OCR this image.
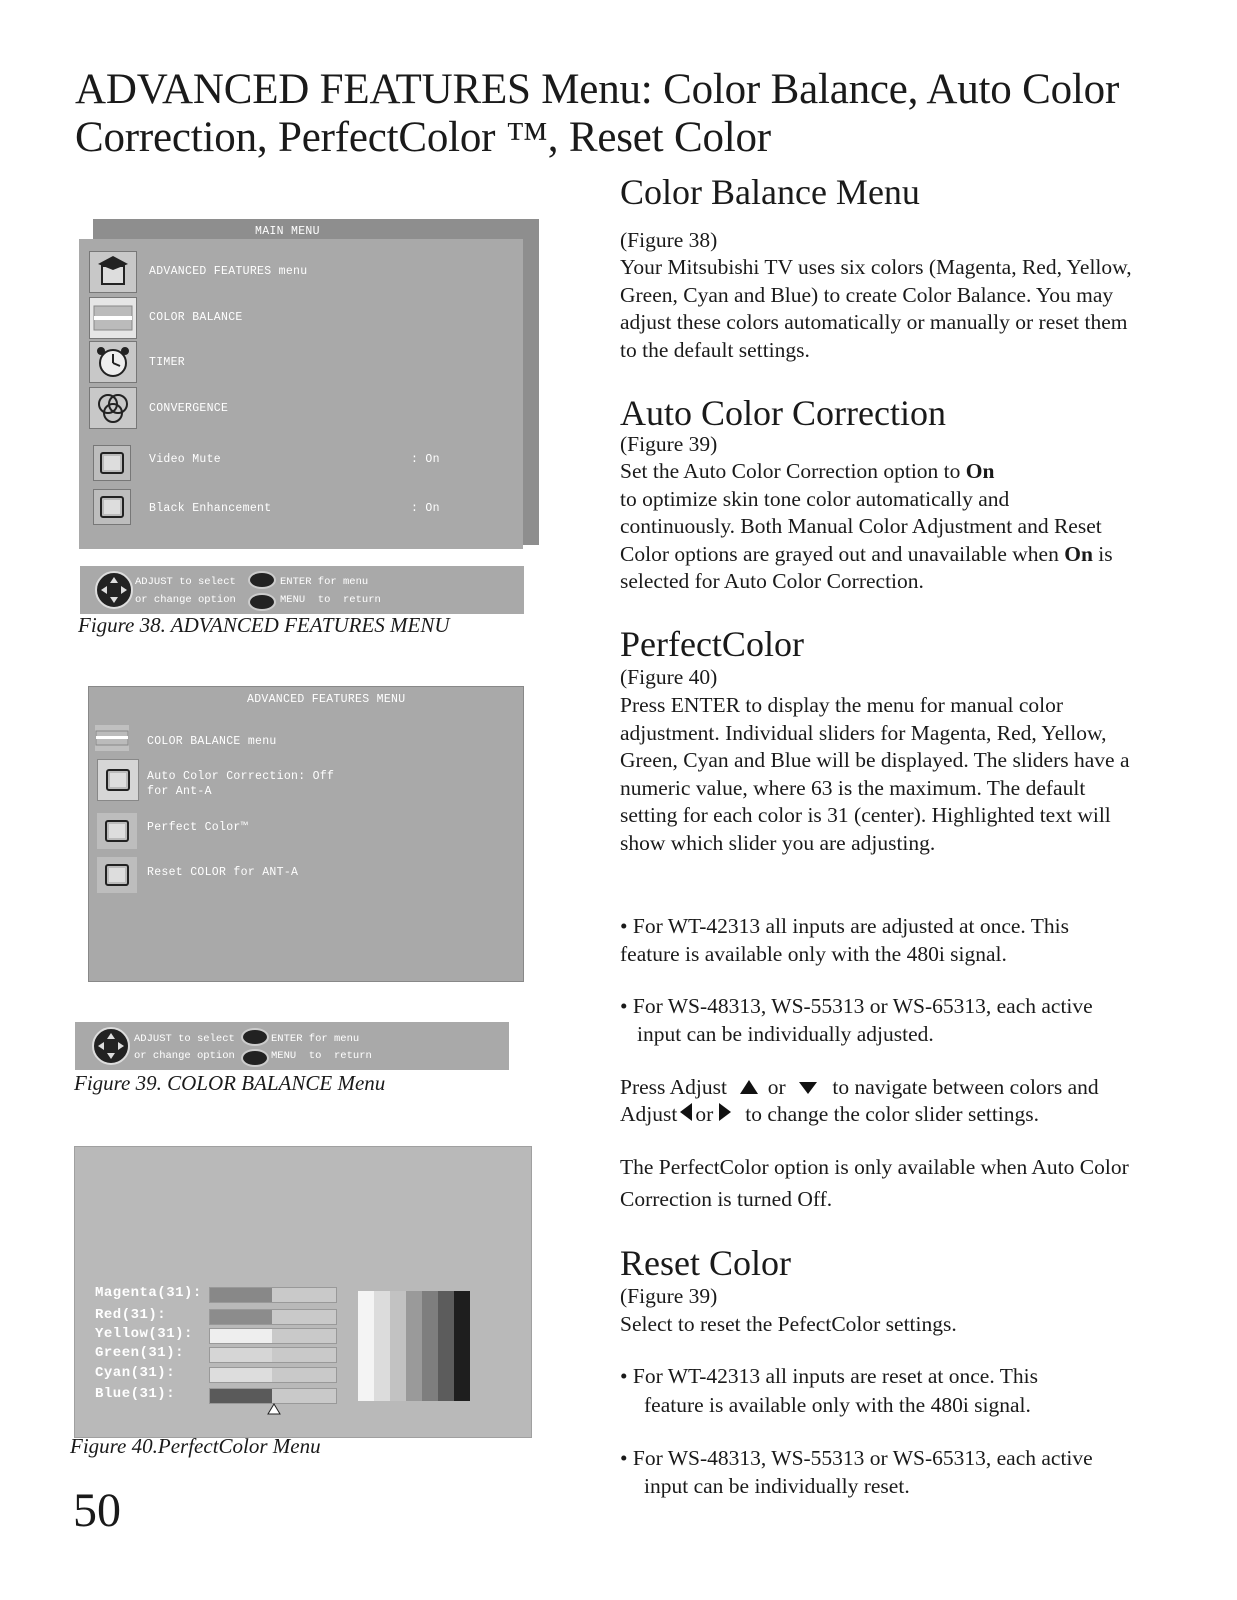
ADVANCED FEATURES Menu: Color Balance, Auto Color Correction, PerfectColor ™, Reset Color
MAIN MENU
ADVANCED FEATURES menu
COLOR BALANCE
TIMER
CONVERGENCE
Video Mute	: On
Black Enhancement	: On
ADJUST to select
or change option
ENTER for menu
MENU  to  return
Figure 38. ADVANCED FEATURES MENU
ADVANCED FEATURES MENU
COLOR BALANCE menu
Auto Color Correction: Off
for Ant-A
Perfect Color™
Reset COLOR for ANT-A
ADJUST to select
or change option
ENTER for menu
MENU  to  return
Figure 39. COLOR BALANCE Menu
Magenta(31):
Red(31):
Yellow(31):
Green(31):
Cyan(31):
Blue(31):
Figure 40.PerfectColor Menu
50
Color Balance Menu
(Figure 38)
Your Mitsubishi TV uses six colors (Magenta, Red, Yellow, Green, Cyan and Blue) to create Color Balance. You may adjust these colors automatically or manually or reset them to the default settings.
Auto Color Correction
(Figure 39)
Set the Auto Color Correction option to On
to optimize skin tone color automatically and continuously. Both Manual Color Adjustment and Reset Color options are grayed out and unavailable when On is selected for Auto Color Correction.
PerfectColor
(Figure 40)
Press ENTER to display the menu for manual color adjustment. Individual sliders for Magenta, Red, Yellow, Green, Cyan and Blue will be displayed. The sliders have a numeric value, where 63 is the maximum. The default setting for each color is 31 (center). Highlighted text will show which slider you are adjusting.
• For WT-42313 all inputs are adjusted at once. This feature is available only with the 480i signal.
• For WS-48313, WS-55313 or WS-65313, each active
input can be individually adjusted.
Press Adjust or to navigate between colors and
Adjust or to change the color slider settings.
The PerfectColor option is only available when Auto Color Correction is turned Off.
Reset Color
(Figure 39)
Select to reset the PefectColor settings.
• For WT-42313 all inputs are reset at once. This
feature is available only with the 480i signal.
• For WS-48313, WS-55313 or WS-65313, each active
input can be individually reset.
